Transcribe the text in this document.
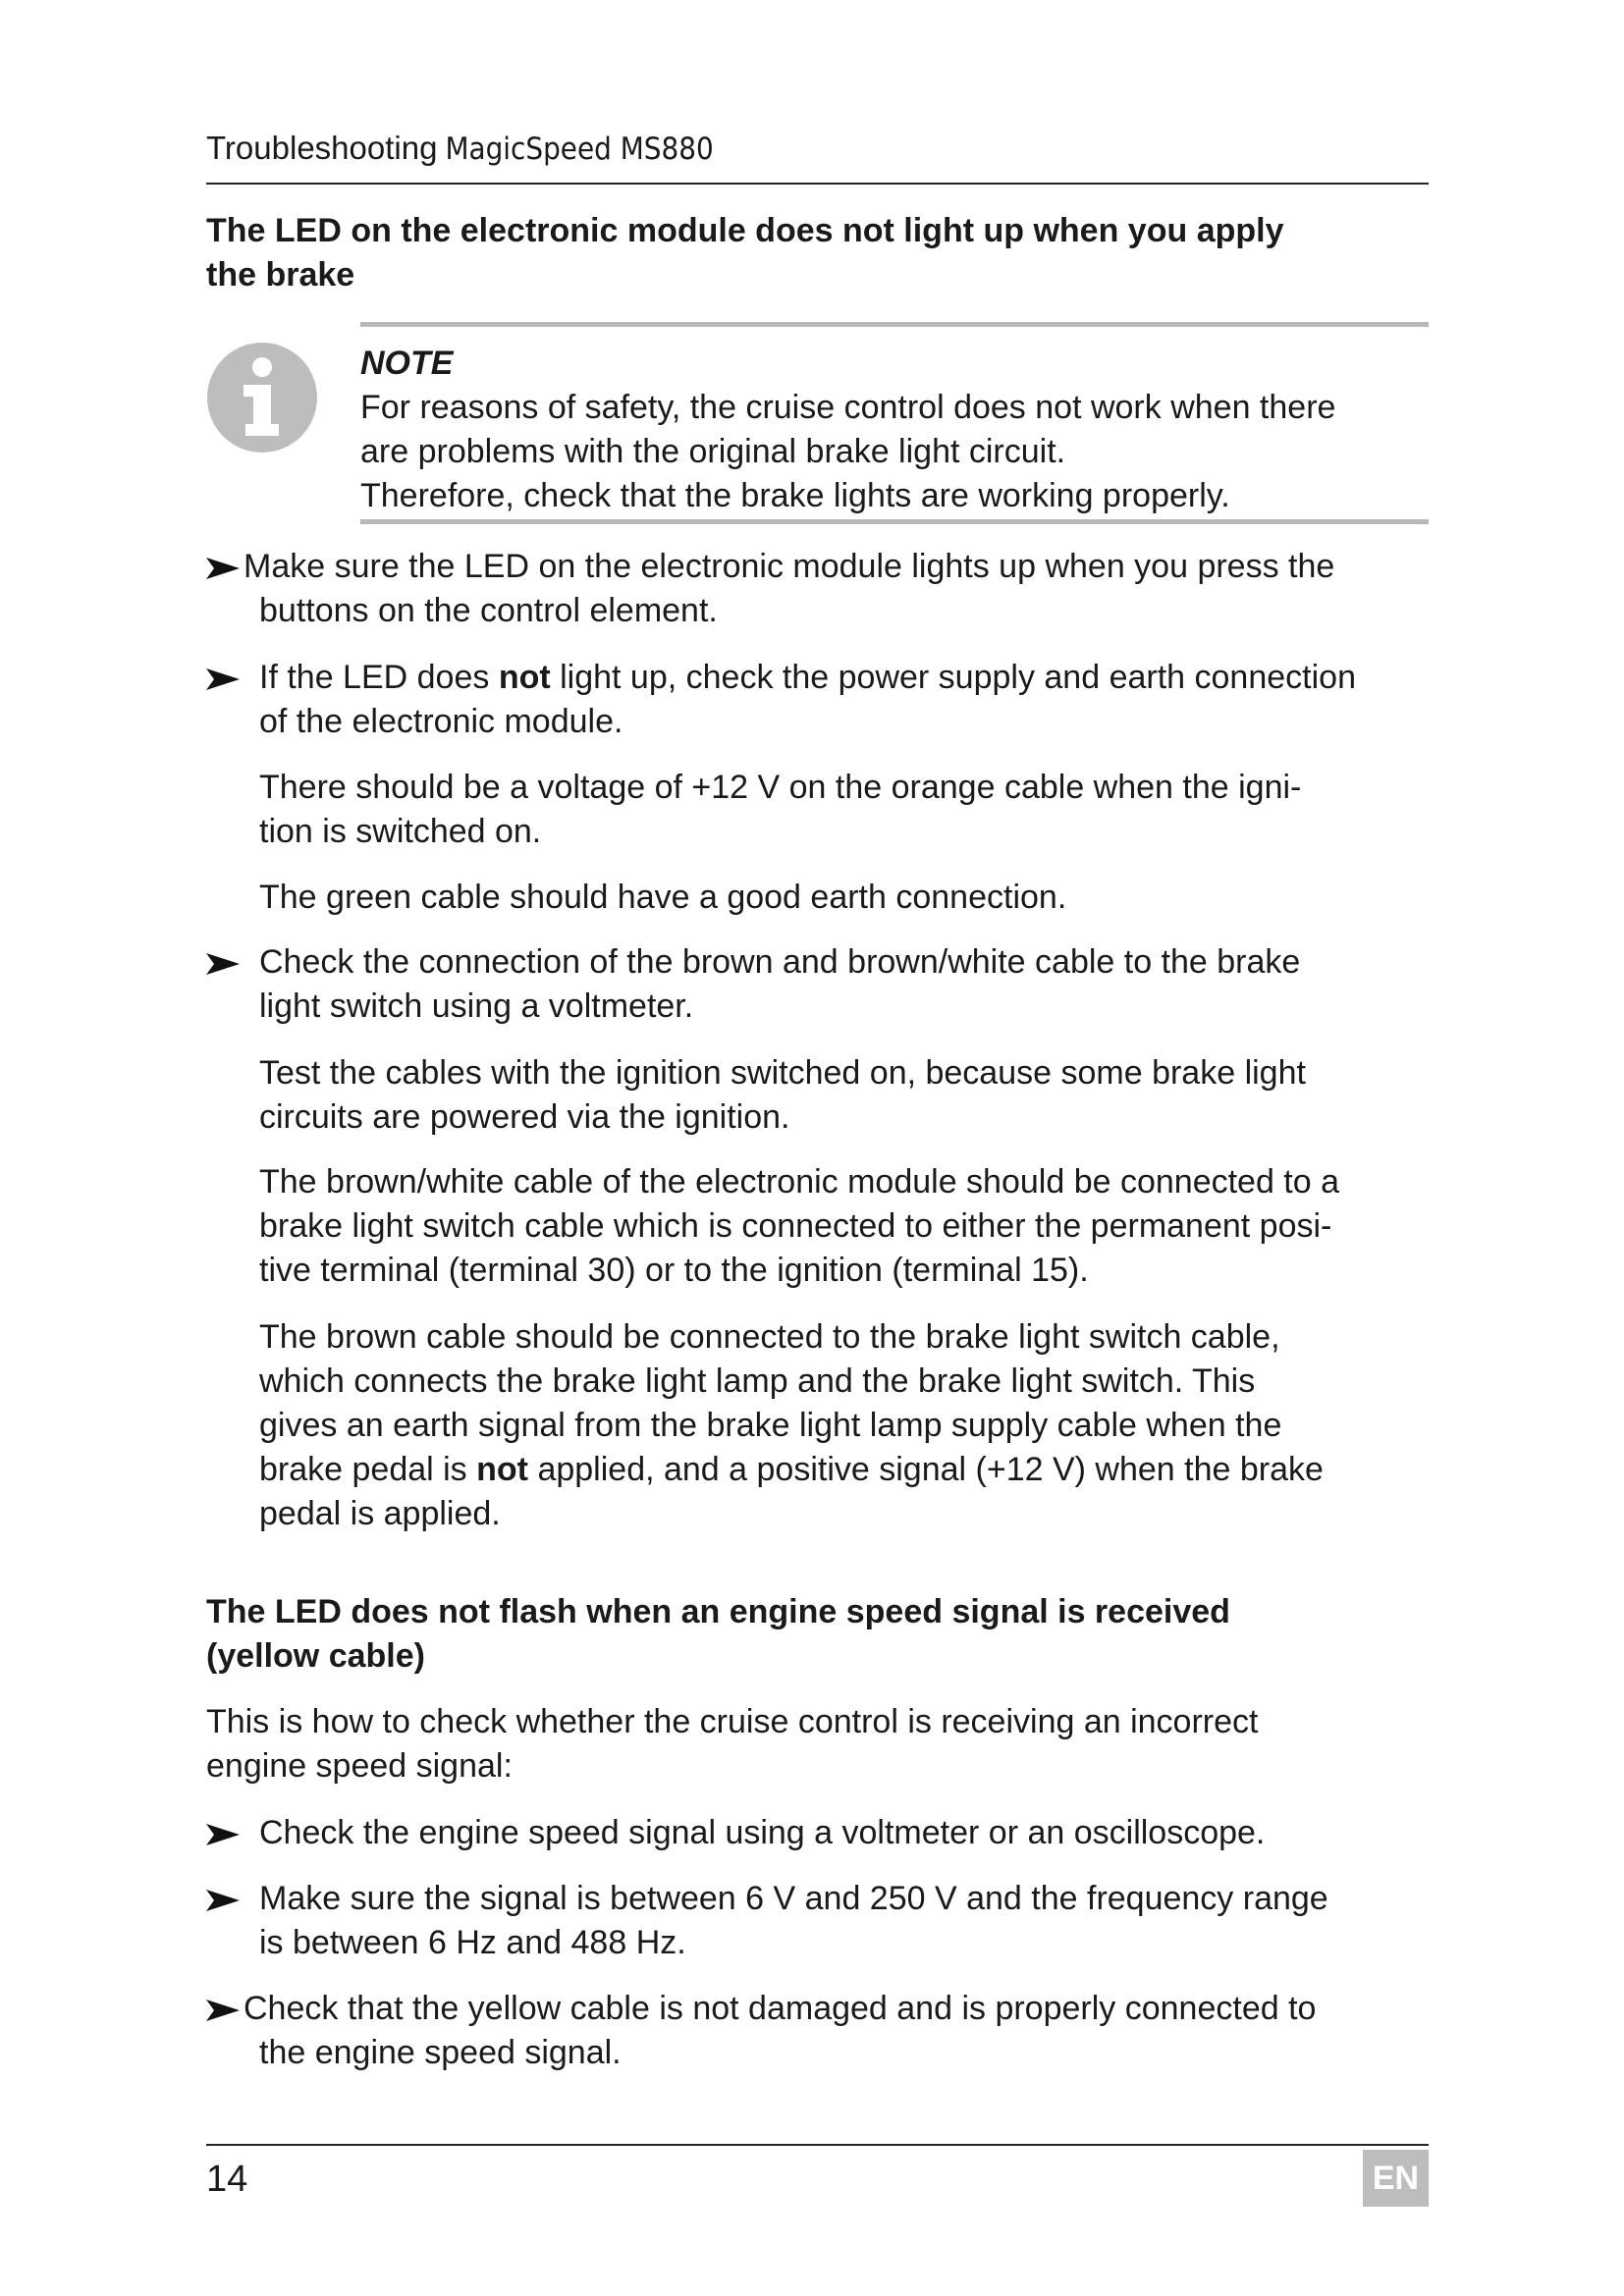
Troubleshooting MagicSpeed MS880
The LED on the electronic module does not light up when you apply
the brake
NOTE
For reasons of safety, the cruise control does not work when there
are problems with the original brake light circuit.
Therefore, check that the brake lights are working properly.
Make sure the LED on the electronic module lights up when you press the
buttons on the control element.
If the LED does not light up, check the power supply and earth connection
of the electronic module.
There should be a voltage of +12 V on the orange cable when the igni-
tion is switched on.
The green cable should have a good earth connection.
Check the connection of the brown and brown/white cable to the brake
light switch using a voltmeter.
Test the cables with the ignition switched on, because some brake light
circuits are powered via the ignition.
The brown/white cable of the electronic module should be connected to a
brake light switch cable which is connected to either the permanent posi-
tive terminal (terminal 30) or to the ignition (terminal 15).
The brown cable should be connected to the brake light switch cable,
which connects the brake light lamp and the brake light switch. This
gives an earth signal from the brake light lamp supply cable when the
brake pedal is not applied, and a positive signal (+12 V) when the brake
pedal is applied.
The LED does not flash when an engine speed signal is received
(yellow cable)
This is how to check whether the cruise control is receiving an incorrect
engine speed signal:
Check the engine speed signal using a voltmeter or an oscilloscope.
Make sure the signal is between 6 V and 250 V and the frequency range
is between 6 Hz and 488 Hz.
Check that the yellow cable is not damaged and is properly connected to
the engine speed signal.
14	EN
